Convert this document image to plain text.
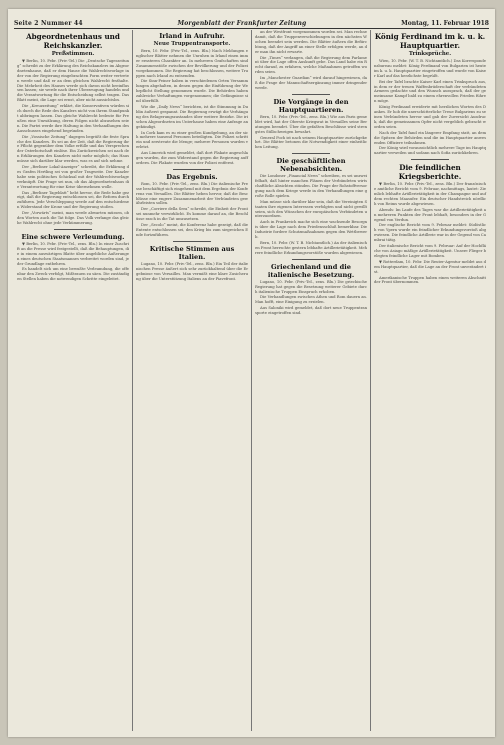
Seite 2 Nummer 44	Morgenblatt der Frankfurter Zeitung	Montag, 11. Februar 1918
Abgeordnetenhaus und Reichskanzler.
Preßstimmen.

▼ Berlin, 10. Febr. (Priv.-Tel.) Die „Deutsche Tageszeitung“ schreibt zu der Erklärung des Reichskanzlers im Abgeordnetenhause, daß er dem Hause die Wahlrechtsvorlage in der von der Regierung eingebrachten Form weiter vertreten werde und daß er an dem gleichen Wahlrecht festhalte. Die Mehrheit des Hauses werde sich davon nicht beeinflussen lassen; sie werde nach ihrer Überzeugung handeln und die Verantwortung für die Entscheidung selbst tragen. Das Blatt meint, die Lage sei ernst, aber nicht aussichtslos.

Die „Kreuzzeitung“ erklärt, die Konservativen würden sich durch die Rede des Kanzlers nicht von ihrem Standpunkt abbringen lassen. Das gleiche Wahlrecht bedeute für Preußen eine Umwälzung, deren Folgen nicht abzusehen seien. Die Partei werde ihre Haltung in den Verhandlungen des Ausschusses eingehend begründen.

Die „Vossische Zeitung“ dagegen begrüßt die feste Sprache des Kanzlers. Es sei an der Zeit, daß die Regierung ihre Pflicht gegenüber dem Volke erfülle und das Versprechen der Osterbotschaft einlöse. Ein Zurückweichen sei nach den Erklärungen des Kanzlers nicht mehr möglich; das Haus müsse sich darüber klar werden, was es auf sich nehme.

Der „Berliner Lokal-Anzeiger“ schreibt, die Erklärung des Grafen Hertling sei von großer Tragweite. Der Kanzler habe sein politisches Schicksal mit der Wahlrechtsvorlage verknüpft. Die Frage sei nun, ob das Abgeordnetenhaus die Verantwortung für eine Krise übernehmen wolle.

Das „Berliner Tageblatt“ hebt hervor, die Rede habe gezeigt, daß die Regierung entschlossen sei, die Reform durchzuführen. Jede Verschleppung werde auf den entschiedenen Widerstand der Krone und der Regierung stoßen.

Der „Vorwärts“ meint, man werde abwarten müssen, ob den Worten auch die Tat folge. Das Volk verlange das gleiche Wahlrecht ohne jede Verkümmerung.

Eine schwere Verleumdung.

▼ Berlin, 10. Febr. (Priv.-Tel., zens. Bln.) In einer Zuschrift an die Presse wird festgestellt, daß die Behauptungen, die in einem auswärtigen Blatte über angebliche Äußerungen eines deutschen Staatsmannes verbreitet worden sind, jeder Grundlage entbehren.

Es handelt sich um eine bewußte Verleumdung, die offenbar den Zweck verfolgt, Mißtrauen zu säen. Die zuständigen Stellen haben die notwendigen Schritte eingeleitet.

Irland in Aufruhr.
Neue Truppentransporte.

Bern, 10. Febr. (Priv.-Tel., zens. Bln.) Nach Meldungen englischer Blätter nehmen die Unruhen in Irland einen immer ernsteren Charakter an. In mehreren Grafschaften sind Zusammenstöße zwischen der Bevölkerung und der Polizei vorgekommen. Die Regierung hat beschlossen, weitere Truppen nach Irland zu entsenden.

Die Sinn-Feiner haben in verschiedenen Orten Versammlungen abgehalten, in denen gegen die Einführung der Wehrpflicht Stellung genommen wurde. Die Behörden haben zahlreiche Verhaftungen vorgenommen; die Gefängnisse sind überfüllt.

Wie die „Daily News“ berichten, ist die Stimmung in Dublin äußerst gespannt. Die Regierung erwägt die Verhängung des Belagerungszustandes über weitere Bezirke. Die irischen Abgeordneten im Unterhause haben eine Anfrage angekündigt.

In Cork kam es zu einer großen Kundgebung, an der sich mehrere tausend Personen beteiligten. Die Polizei schritt ein und zerstreute die Menge; mehrere Personen wurden verletzt.

Aus Limerick wird gemeldet, daß dort Plakate angeschlagen wurden, die zum Widerstand gegen die Regierung auffordern. Die Plakate wurden von der Polizei entfernt.

Das Ergebnis.

Rom, 10. Febr. (Priv.-Tel., zens. Bln.) Die italienische Presse beschäftigt sich eingehend mit dem Ergebnis der Konferenz von Versailles. Die Blätter heben hervor, daß die Beschlüsse eine engere Zusammenarbeit der Verbündeten gewährleisten sollen.

Der „Corriere della Sera“ schreibt, die Einheit der Front sei nunmehr verwirklicht. Es komme darauf an, die Beschlüsse rasch in die Tat umzusetzen.

Der „Secolo“ meint, die Konferenz habe gezeigt, daß die Entente entschlossen sei, den Krieg bis zum siegreichen Ende fortzuführen.

Kritische Stimmen aus Italien.

Lugano, 10. Febr. (Priv.-Tel., zens. Bln.) Ein Teil der italienischen Presse äußert sich sehr zurückhaltend über die Ergebnisse von Versailles. Man vermißt eine klare Zusicherung über die Unterstützung Italiens an der Piavefront.

an der Westfront vorgenommen worden sei. Man rechne damit, daß die Truppenverschiebungen in den nächsten Wochen beendet sein werden. Die Blätter äußern die Befürchtung, daß der Angriff an einer Stelle erfolgen werde, an der man ihn nicht erwarte.

Die „Times“ verlangen, daß die Regierung dem Parlament über die Lage offen Auskunft gebe. Das Land habe ein Recht darauf, zu erfahren, welche Maßnahmen getroffen worden seien.

Im „Manchester Guardian“ wird darauf hingewiesen, daß die Frage der Mannschaftsergänzung immer dringender werde.

Die Vorgänge in den Hauptquartieren.

Bern, 10. Febr. (Priv.-Tel., zens. Bln.) Wie aus Paris gemeldet wird, hat der Oberste Kriegsrat in Versailles seine Beratungen beendet. Über die gefaßten Beschlüsse wird strengstes Stillschweigen bewahrt.

General Foch ist nach seinem Hauptquartier zurückgekehrt. Die Blätter betonen die Notwendigkeit einer einheitlichen Leitung.

Die geschäftlichen Nebenabsichten.

Die Londoner „Financial News“ schreiben, es sei unzweifelhaft, daß hinter manchen Plänen der Verbündeten wirtschaftliche Absichten stünden. Die Frage der Rohstoffversorgung nach dem Kriege werde in den Verhandlungen eine große Rolle spielen.

Man müsse sich darüber klar sein, daß die Vereinigten Staaten ihre eigenen Interessen verfolgten und nicht gewillt seien, sich den Wünschen der europäischen Verbündeten unterzuordnen.

Auch in Frankreich mache sich eine wachsende Besorgnis über die Lage nach dem Friedensschluß bemerkbar. Die Industrie fordere Schutzmaßnahmen gegen den Wettbewerb.

Bern, 10. Febr. (W. T. B. Nichtamtlich.) An der italienischen Front herrschte gestern lebhafte Artillerietätigkeit. Mehrere feindliche Erkundungsvorstöße wurden abgewiesen.

Griechenland und die italienische Besetzung.

Lugano, 10. Febr. (Priv.-Tel., zens. Bln.) Die griechische Regierung hat gegen die Besetzung weiterer Gebiete durch italienische Truppen Einspruch erhoben.

Die Verhandlungen zwischen Athen und Rom dauern an. Man hofft, eine Einigung zu erzielen.

Aus Saloniki wird gemeldet, daß dort neue Truppentransporte eingetroffen sind.

König Ferdinand im k. u. k. Hauptquartier.
Trinksprüche.

Wien, 10. Febr. (W. T. B. Nichtamtlich.) Das Korrespondenzbureau meldet: König Ferdinand von Bulgarien ist heute im k. u. k. Hauptquartier eingetroffen und wurde von Kaiser Karl auf das herzlichste begrüßt.

Bei der Tafel brachte Kaiser Karl einen Trinkspruch aus, in dem er der treuen Waffenbrüderschaft der verbündeten Armeen gedachte und den Wunsch aussprach, daß der gemeinsame Kampf bald zu einem ehrenvollen Frieden führen möge.

König Ferdinand erwiderte mit herzlichen Worten des Dankes. Er hob die unerschütterliche Treue Bulgariens zu seinen Verbündeten hervor und gab der Zuversicht Ausdruck, daß die gemeinsamen Opfer nicht vergeblich gebracht worden seien.

Nach der Tafel fand ein längerer Empfang statt, an dem die Spitzen der Behörden und die im Hauptquartier anwesenden Offiziere teilnahmen.

Der König wird voraussichtlich mehrere Tage im Hauptquartier verweilen und sodann nach Sofia zurückkehren.

Die feindlichen Kriegsberichte.

▼ Berlin, 10. Febr. (Priv.-Tel., zens. Bln.) Der französische amtliche Bericht vom 9. Februar, nachmittags, lautet: Ziemlich lebhafte Artillerietätigkeit in der Champagne und auf dem rechten Maasufer. Ein deutscher Handstreich nördlich von Reims wurde abgewiesen.

Abends: Im Laufe des Tages war die Artillerietätigkeit an mehreren Punkten der Front lebhaft, besonders in der Gegend von Verdun.

Der englische Bericht vom 9. Februar meldet: Südöstlich von Ypern wurde ein feindlicher Erkundungsvorstoß abgewiesen. Die feindliche Artillerie war in der Gegend von Cambrai tätig.

Der italienische Bericht vom 9. Februar: Auf der Hochfläche von Asiago mäßige Artillerietätigkeit. Unsere Flieger belegten feindliche Lager mit Bomben.

▼ Rotterdam, 10. Febr. Die Reuter-Agentur meldet aus dem Hauptquartier, daß die Lage an der Front unverändert ist.

Amerikanische Truppen haben einen weiteren Abschnitt der Front übernommen.
